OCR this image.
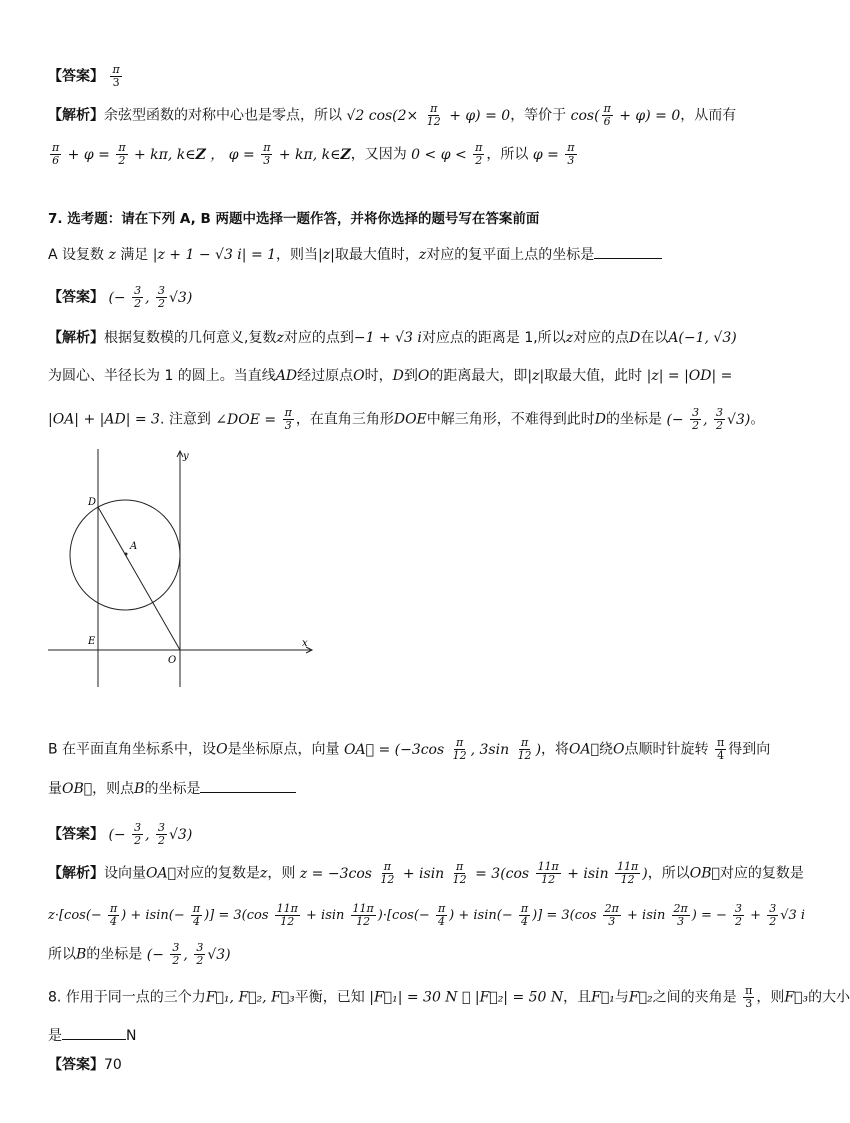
【答案】 $\frac{\pi}{3}$
【解析】余弦型函数的对称中心也是零点，所以 √2 $\cos(2\times \frac{\pi}{12} + \varphi) = 0$，等价于 $\cos( \frac{\pi}{6} + \varphi) = 0$，从而有
$\frac{\pi}{6} + \varphi = \frac{\pi}{2} + k\pi$, k∈Z ， $\varphi = \frac{\pi}{3} + k\pi$, k∈Z，又因为 $0 < \varphi < \frac{\pi}{2}$ ，所以 $\varphi = \frac{\pi}{3}$
7. 选考题：请在下列 A, B 两题中选择一题作答，并将你选择的题号写在答案前面
A 设复数 z 满足 |z + 1 − √3 i| = 1，则当|z|取最大值时，z对应的复平面上点的坐标是
【答案】 (− $\frac{3}{2}$ , $\frac{3}{2} √3$)
【解析】根据复数模的几何意义,复数z对应的点到−1 + √3 i对应点的距离是 1,所以z对应的点D在以A(−1, √3)
为圆心、半径长为 1 的圆上。当直线AD经过原点O时，D到O的距离最大，即|z|取最大值，此时 |z| = |OD| =
|OA| + |AD| = 3. 注意到 ∠DOE = $\frac{\pi}{3}$ ，在直角三角形DOE中解三角形，不难得到此时D的坐标是 (− $\frac{3}{2}$ , $\frac{3}{2} √3$)。
y
x
D
A
E
O
B 在平面直角坐标系中，设O是坐标原点，向量 OA⃗ = ($-3\cos \frac{\pi}{12}$ , $3\sin \frac{\pi}{12}$ )，将OA⃗绕O点顺时针旋转 $\frac{\pi}{4}$ 得到向
量OB⃗，则点B的坐标是
【答案】 (− $\frac{3}{2}$ , $\frac{3}{2} √3$)
【解析】设向量OA⃗对应的复数是z，则 $z = -3\cos \frac{\pi}{12} + isin \frac{\pi}{12} = 3(\cos \frac{11\pi}{12} + isin \frac{11\pi}{12}$ )，所以OB⃗对应的复数是
$z\cdot[\cos(- \frac{\pi}{4}$ ) + $isin(- \frac{\pi}{4}$ )] = $3(\cos \frac{11\pi}{12} + isin \frac{11\pi}{12} )\cdot[\cos(- \frac{\pi}{4}$ ) + $isin(- \frac{\pi}{4}$ )] = $3(\cos \frac{2\pi}{3} + isin \frac{2\pi}{3}$ ) = − $\frac{3}{2} + \frac{3}{2} √3$ i
所以B的坐标是 (− $\frac{3}{2}$ , $\frac{3}{2} √3$)
8. 作用于同一点的三个力F⃗₁, F⃗₂, F⃗₃平衡，已知 |F⃗₁| = 30 N ， |F⃗₂| = 50 N，且F⃗₁与F⃗₂之间的夹角是 $\frac{\pi}{3}$ ，则F⃗₃的大小
是	N
【答案】70
